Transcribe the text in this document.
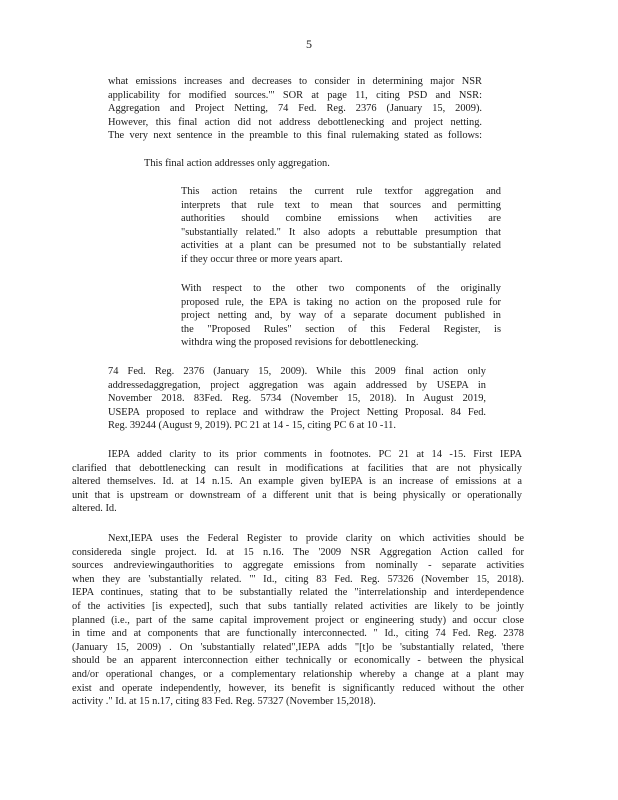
5
what emissions increases and decreases to consider in determining major NSR
applicability for modified sources."' SOR at page 11, citing PSD and NSR:
Aggregation and Project Netting, 74 Fed. Reg. 2376 (January 15, 2009).
However, this final action did not address debottlenecking and project netting.
The very next sentence in the preamble to this final rulemaking stated as follows:
This final action addresses only aggregation.
This action retains the current rule textfor aggregation and
interprets that rule text to mean that sources and permitting
authorities should combine emissions when activities are
"substantially related." It also adopts a rebuttable presumption that
activities at a plant can be presumed not to be substantially related
if they occur three or more years apart.
With respect to the other two components of the originally
proposed rule, the EPA is taking no action on the proposed rule for
project netting and, by way of a separate document published in
the "Proposed Rules" section of this Federal Register, is
withdra wing the proposed revisions for debottlenecking.
74 Fed. Reg. 2376 (January 15, 2009). While this 2009 final action only
addressedaggregation, project aggregation was again addressed by USEPA in
November 2018. 83Fed. Reg. 5734 (November 15, 2018). In August 2019,
USEPA proposed to replace and withdraw the Project Netting Proposal. 84 Fed.
Reg. 39244 (August 9, 2019). PC 21 at 14 - 15, citing PC 6 at 10 -11.
IEPA added clarity to its prior comments in footnotes. PC 21 at 14 -15. First IEPA
clarified that debottlenecking can result in modifications at facilities that are not physically
altered themselves. Id. at 14 n.15. An example given byIEPA is an increase of emissions at a
unit that is upstream or downstream of a different unit that is being physically or operationally
altered. Id.
Next,IEPA uses the Federal Register to provide clarity on which activities should be
considereda single project. Id. at 15 n.16. The '2009 NSR Aggregation Action called for
sources andreviewingauthorities to aggregate emissions from nominally - separate activities
when they are 'substantially related. "' Id., citing 83 Fed. Reg. 57326 (November 15, 2018).
IEPA continues, stating that to be substantially related the "interrelationship and interdependence
of the activities [is expected], such that subs tantially related activities are likely to be jointly
planned (i.e., part of the same capital improvement project or engineering study) and occur close
in time and at components that are functionally interconnected. " Id., citing 74 Fed. Reg. 2378
(January 15, 2009) . On 'substantially related",IEPA adds "[t]o be 'substantially related, 'there
should be an apparent interconnection either technically or economically - between the physical
and/or operational changes, or a complementary relationship whereby a change at a plant may
exist and operate independently, however, its benefit is significantly reduced without the other
activity ." Id. at 15 n.17, citing 83 Fed. Reg. 57327 (November 15,2018).
